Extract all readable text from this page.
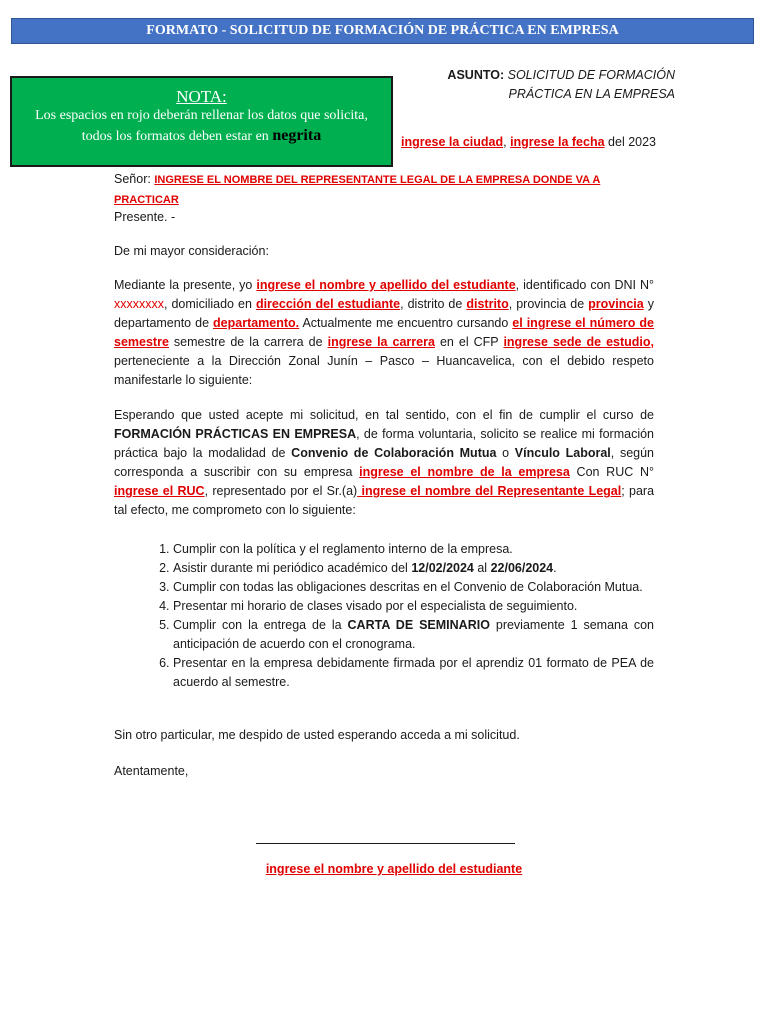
FORMATO - SOLICITUD DE FORMACIÓN DE PRÁCTICA EN EMPRESA
NOTA:
Los espacios en rojo deberán rellenar los datos que solicita,
todos los formatos deben estar en negrita
ASUNTO: SOLICITUD DE FORMACIÓN
PRÁCTICA EN LA EMPRESA
ingrese la ciudad, ingrese la fecha del 2023
Señor: INGRESE EL NOMBRE DEL REPRESENTANTE LEGAL DE LA EMPRESA DONDE VA A PRACTICAR
Presente. -
De mi mayor consideración:
Mediante la presente, yo ingrese el nombre y apellido del estudiante, identificado con DNI N° xxxxxxxx, domiciliado en dirección del estudiante, distrito de distrito, provincia de provincia y departamento de departamento. Actualmente me encuentro cursando el ingrese el número de semestre semestre de la carrera de ingrese la carrera en el CFP ingrese sede de estudio, perteneciente a la Dirección Zonal Junín – Pasco – Huancavelica, con el debido respeto manifestarle lo siguiente:
Esperando que usted acepte mi solicitud, en tal sentido, con el fin de cumplir el curso de FORMACIÓN PRÁCTICAS EN EMPRESA, de forma voluntaria, solicito se realice mi formación práctica bajo la modalidad de Convenio de Colaboración Mutua o Vínculo Laboral, según corresponda a suscribir con su empresa ingrese el nombre de la empresa Con RUC N° ingrese el RUC, representado por el Sr.(a) ingrese el nombre del Representante Legal; para tal efecto, me comprometo con lo siguiente:
1. Cumplir con la política y el reglamento interno de la empresa.
2. Asistir durante mi periódico académico del 12/02/2024 al 22/06/2024.
3. Cumplir con todas las obligaciones descritas en el Convenio de Colaboración Mutua.
4. Presentar mi horario de clases visado por el especialista de seguimiento.
5. Cumplir con la entrega de la CARTA DE SEMINARIO previamente 1 semana con anticipación de acuerdo con el cronograma.
6. Presentar en la empresa debidamente firmada por el aprendiz 01 formato de PEA de acuerdo al semestre.
Sin otro particular, me despido de usted esperando acceda a mi solicitud.
Atentamente,
ingrese el nombre y apellido del estudiante
